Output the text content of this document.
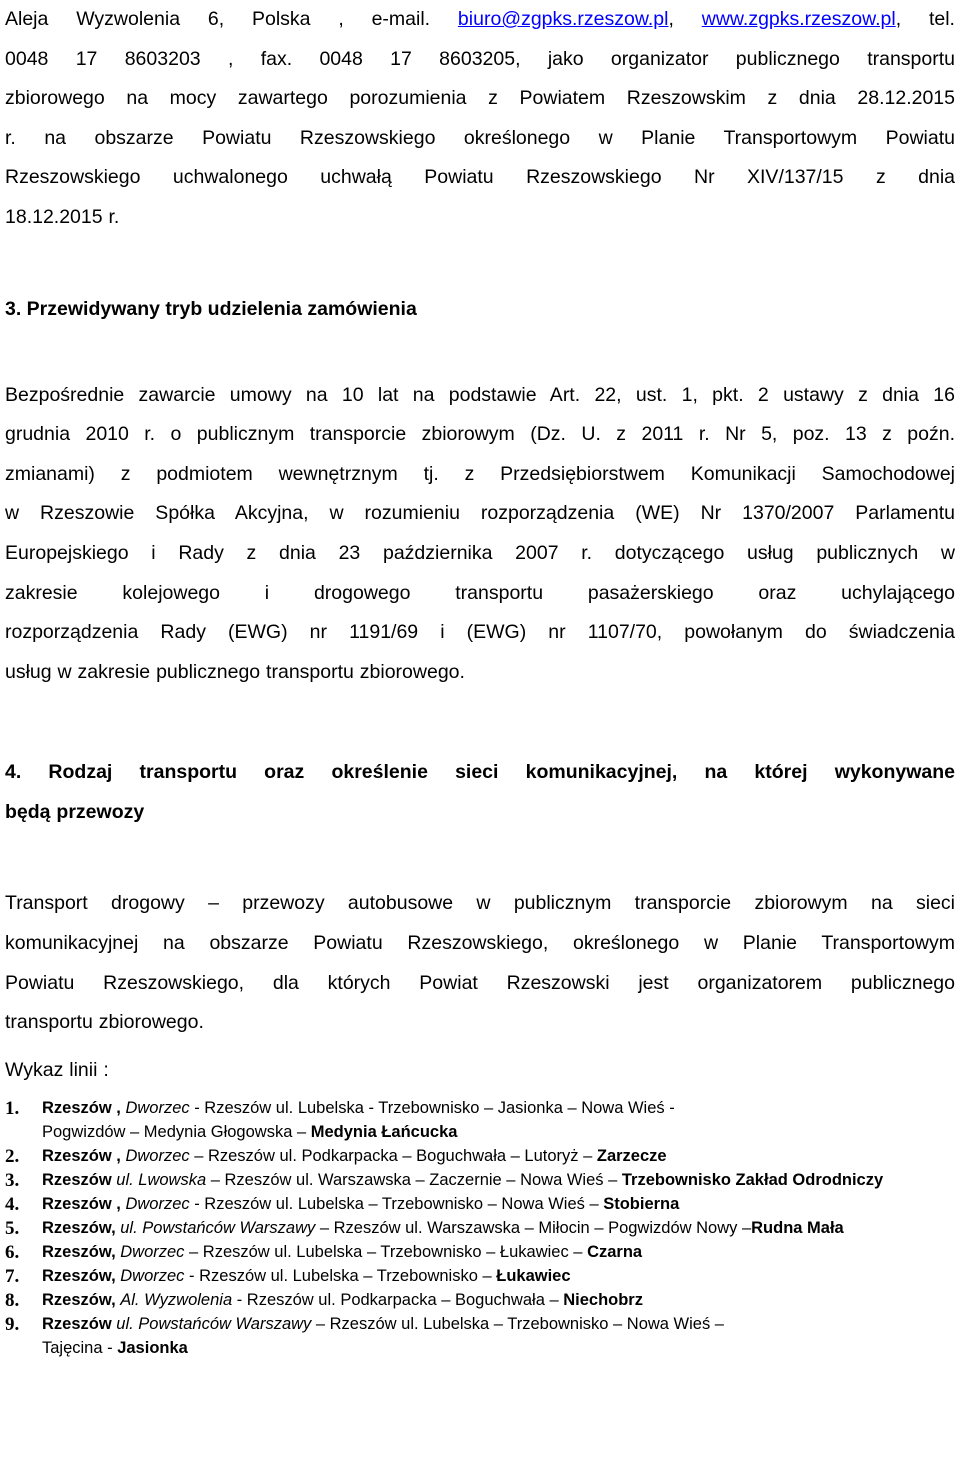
Aleja Wyzwolenia 6, Polska , e-mail. biuro@zgpks.rzeszow.pl, www.zgpks.rzeszow.pl, tel.
0048 17 8603203 , fax. 0048 17 8603205, jako organizator publicznego transportu
zbiorowego na mocy zawartego porozumienia z Powiatem Rzeszowskim z dnia 28.12.2015
r. na obszarze Powiatu Rzeszowskiego określonego w Planie Transportowym Powiatu
Rzeszowskiego uchwalonego uchwałą Powiatu Rzeszowskiego Nr XIV/137/15 z dnia
18.12.2015 r.

3. Przewidywany tryb udzielenia zamówienia

Bezpośrednie zawarcie umowy na 10 lat na podstawie Art. 22, ust. 1, pkt. 2 ustawy z dnia 16
grudnia 2010 r. o publicznym transporcie zbiorowym (Dz. U. z 2011 r. Nr 5, poz. 13 z poźn.
zmianami) z podmiotem wewnętrznym tj. z Przedsiębiorstwem Komunikacji Samochodowej
w Rzeszowie Spółka Akcyjna, w rozumieniu rozporządzenia (WE) Nr 1370/2007 Parlamentu
Europejskiego i Rady z dnia 23 października 2007 r. dotyczącego usług publicznych w
zakresie kolejowego i drogowego transportu pasażerskiego oraz uchylającego
rozporządzenia Rady (EWG) nr 1191/69 i (EWG) nr 1107/70, powołanym do świadczenia
usług w zakresie publicznego transportu zbiorowego.
4. Rodzaj transportu oraz określenie sieci komunikacyjnej, na której wykonywane
będą przewozy
Transport drogowy – przewozy autobusowe w publicznym transporcie zbiorowym na sieci
komunikacyjnej na obszarze Powiatu Rzeszowskiego, określonego w Planie Transportowym
Powiatu Rzeszowskiego, dla których Powiat Rzeszowski jest organizatorem publicznego
transportu zbiorowego.

Wykaz linii :

1. Rzeszów , Dworzec - Rzeszów ul. Lubelska - Trzebownisko – Jasionka – Nowa Wieś -
Pogwizdów – Medynia Głogowska – Medynia Łańcucka
2. Rzeszów , Dworzec – Rzeszów ul. Podkarpacka – Boguchwała – Lutoryż – Zarzecze
3. Rzeszów ul. Lwowska – Rzeszów ul. Warszawska – Zaczernie – Nowa Wieś – Trzebownisko Zakład Odrodniczy
4. Rzeszów , Dworzec - Rzeszów ul. Lubelska – Trzebownisko – Nowa Wieś – Stobierna
5. Rzeszów, ul. Powstańców Warszawy – Rzeszów ul. Warszawska – Miłocin – Pogwizdów Nowy –Rudna Mała
6. Rzeszów, Dworzec – Rzeszów ul. Lubelska – Trzebownisko – Łukawiec – Czarna
7. Rzeszów, Dworzec - Rzeszów ul. Lubelska – Trzebownisko – Łukawiec
8. Rzeszów, Al. Wyzwolenia - Rzeszów ul. Podkarpacka – Boguchwała – Niechobrz
9. Rzeszów ul. Powstańców Warszawy – Rzeszów ul. Lubelska – Trzebownisko – Nowa Wieś –
Tajęcina - Jasionka
